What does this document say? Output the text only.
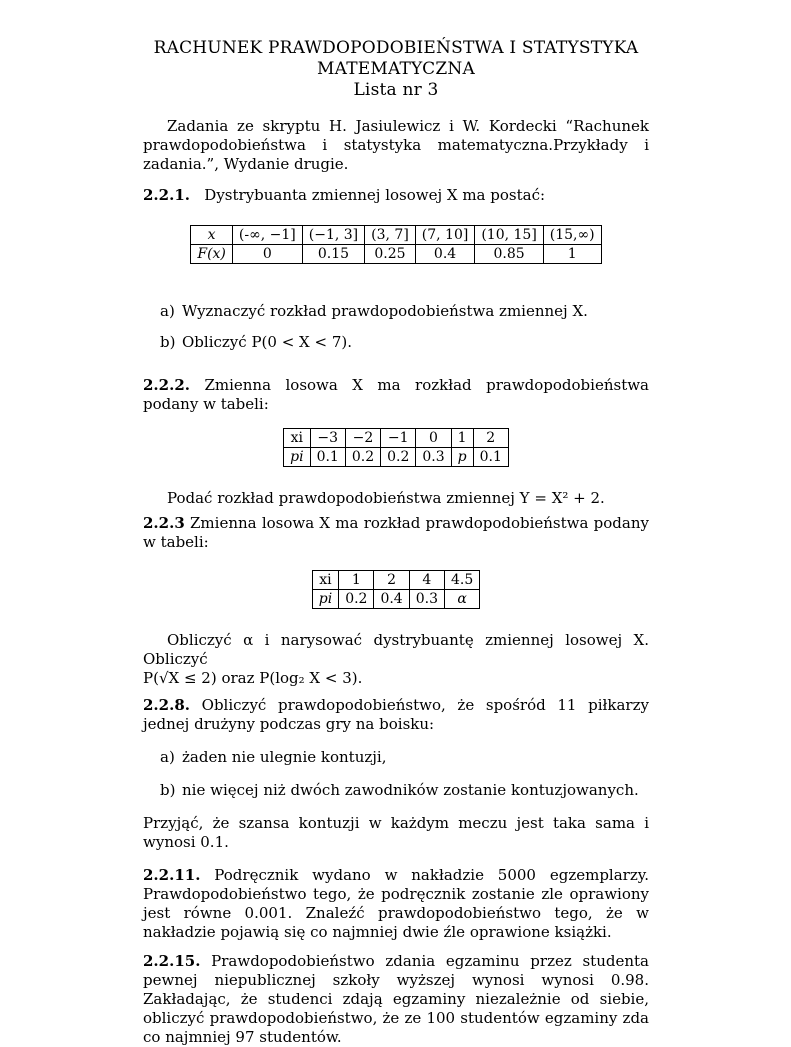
RACHUNEK PRAWDOPODOBIEŃSTWA I STATYSTYKA
MATEMATYCZNA
Lista nr 3

Zadania ze skryptu H. Jasiulewicz i W. Kordecki “Rachunek prawdopodobieństwa i statystyka matematyczna.Przykłady i zadania.”, Wydanie drugie.

2.2.1. Dystrybuanta zmiennej losowej X ma postać:

x	(-∞, −1]	(−1, 3]	(3, 7]	(7, 10]	(10, 15]	(15,∞)
F(x)	0	0.15	0.25	0.4	0.85	1
a) Wyznaczyć rozkład prawdopodobieństwa zmiennej X.
b) Obliczyć P(0 < X < 7).

2.2.2. Zmienna losowa X ma rozkład prawdopodobieństwa podany w tabeli:

xi	−3	−2	−1	0	1	2
pi	0.1	0.2	0.2	0.3	p	0.1

Podać rozkład prawdopodobieństwa zmiennej Y = X² + 2.

2.2.3 Zmienna losowa X ma rozkład prawdopodobieństwa podany w tabeli:

xi	1	2	4	4.5
pi	0.2	0.4	0.3	α

Obliczyć α i narysować dystrybuantę zmiennej losowej X. Obliczyć

P(√X ≤ 2) oraz P(log₂ X < 3).

2.2.8. Obliczyć prawdopodobieństwo, że spośród 11 piłkarzy jednej drużyny podczas gry na boisku:

a) żaden nie ulegnie kontuzji,
b) nie więcej niż dwóch zawodników zostanie kontuzjowanych.

Przyjąć, że szansa kontuzji w każdym meczu jest taka sama i wynosi 0.1.

2.2.11. Podręcznik wydano w nakładzie 5000 egzemplarzy. Prawdopodobieństwo tego, że podręcznik zostanie zle oprawiony jest równe 0.001. Znaleźć prawdopodobieństwo tego, że w nakładzie pojawią się co najmniej dwie źle oprawione książki.

2.2.15. Prawdopodobieństwo zdania egzaminu przez studenta pewnej niepublicznej szkoły wyższej wynosi wynosi 0.98. Zakładając, że studenci zdają egzaminy niezależnie od siebie, obliczyć prawdopodobieństwo, że ze 100 studentów egzaminy zda co najmniej 97 studentów.
